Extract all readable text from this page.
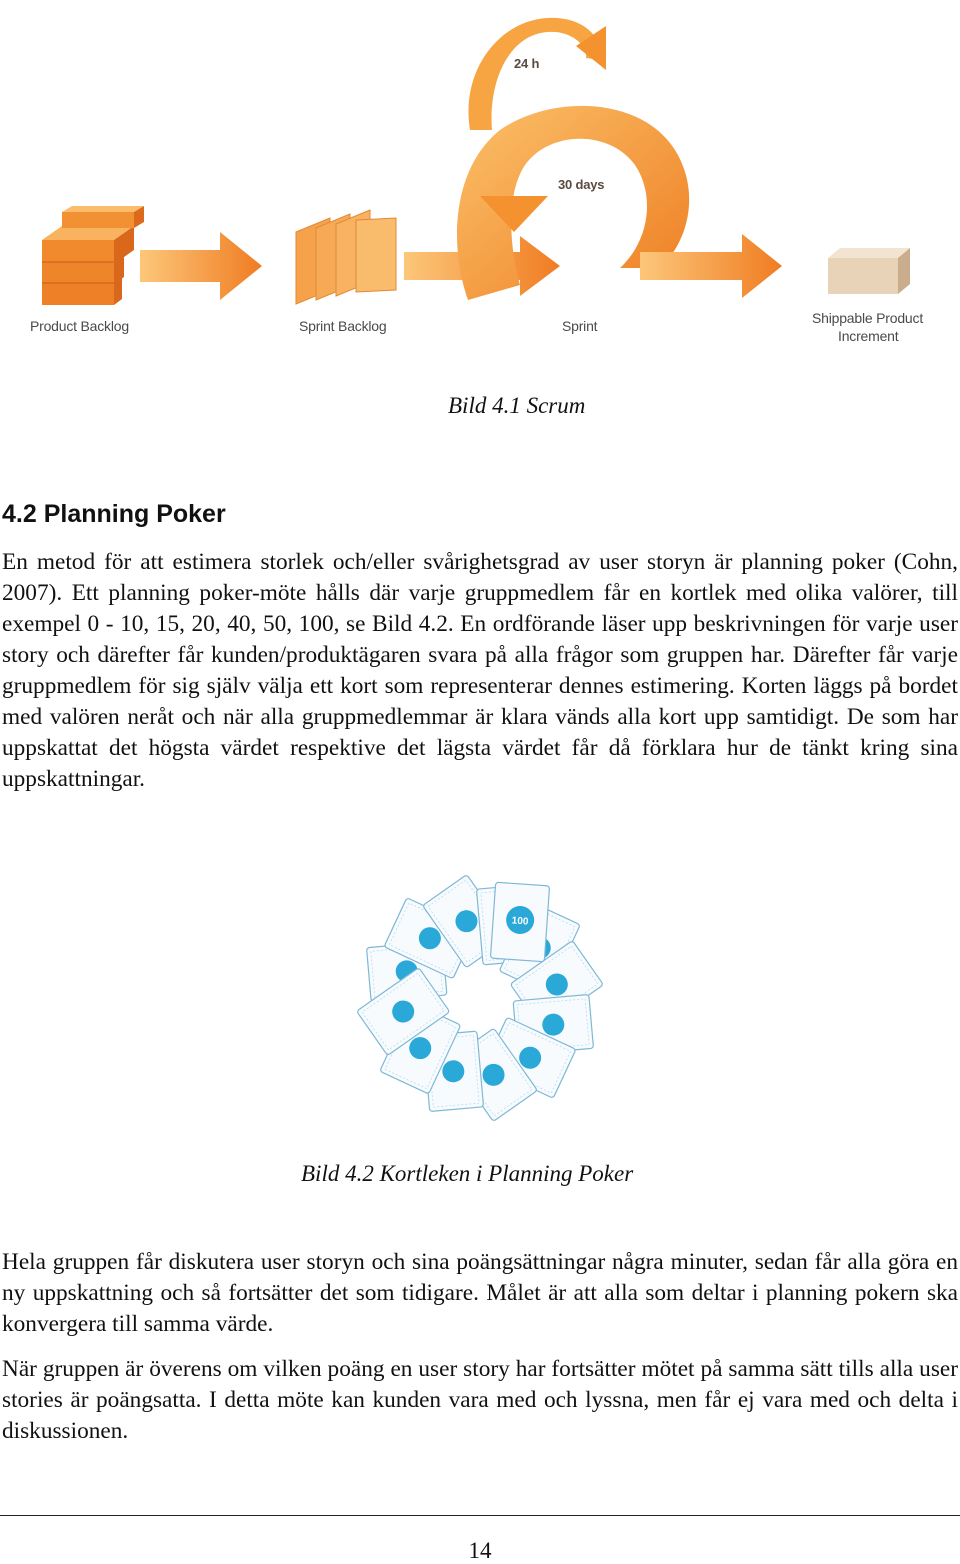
24 h
30 days
Product Backlog	Sprint Backlog	Sprint	Shippable Product
Increment
Bild 4.1 Scrum
4.2 Planning Poker

En metod för att estimera storlek och/eller svårighetsgrad av user storyn är planning poker (Cohn, 2007). Ett planning poker-möte hålls där varje gruppmedlem får en kortlek med olika valörer, till exempel 0 - 10, 15, 20, 40, 50, 100, se Bild 4.2. En ordförande läser upp beskrivningen för varje user story och därefter får kunden/produktägaren svara på alla frågor som gruppen har. Därefter får varje gruppmedlem för sig själv välja ett kort som representerar dennes estimering. Korten läggs på bordet med valören neråt och när alla gruppmedlemmar är klara vänds alla kort upp samtidigt. De som har uppskattat det högsta värdet respektive det lägsta värdet får då förklara hur de tänkt kring sina uppskattningar.

100
Bild 4.2 Kortleken i Planning Poker

Hela gruppen får diskutera user storyn och sina poängsättningar några minuter, sedan får alla göra en ny uppskattning och så fortsätter det som tidigare. Målet är att alla som deltar i planning pokern ska konvergera till samma värde.

När gruppen är överens om vilken poäng en user story har fortsätter mötet på samma sätt tills alla user stories är poängsatta. I detta möte kan kunden vara med och lyssna, men får ej vara med och delta i diskussionen.

14
